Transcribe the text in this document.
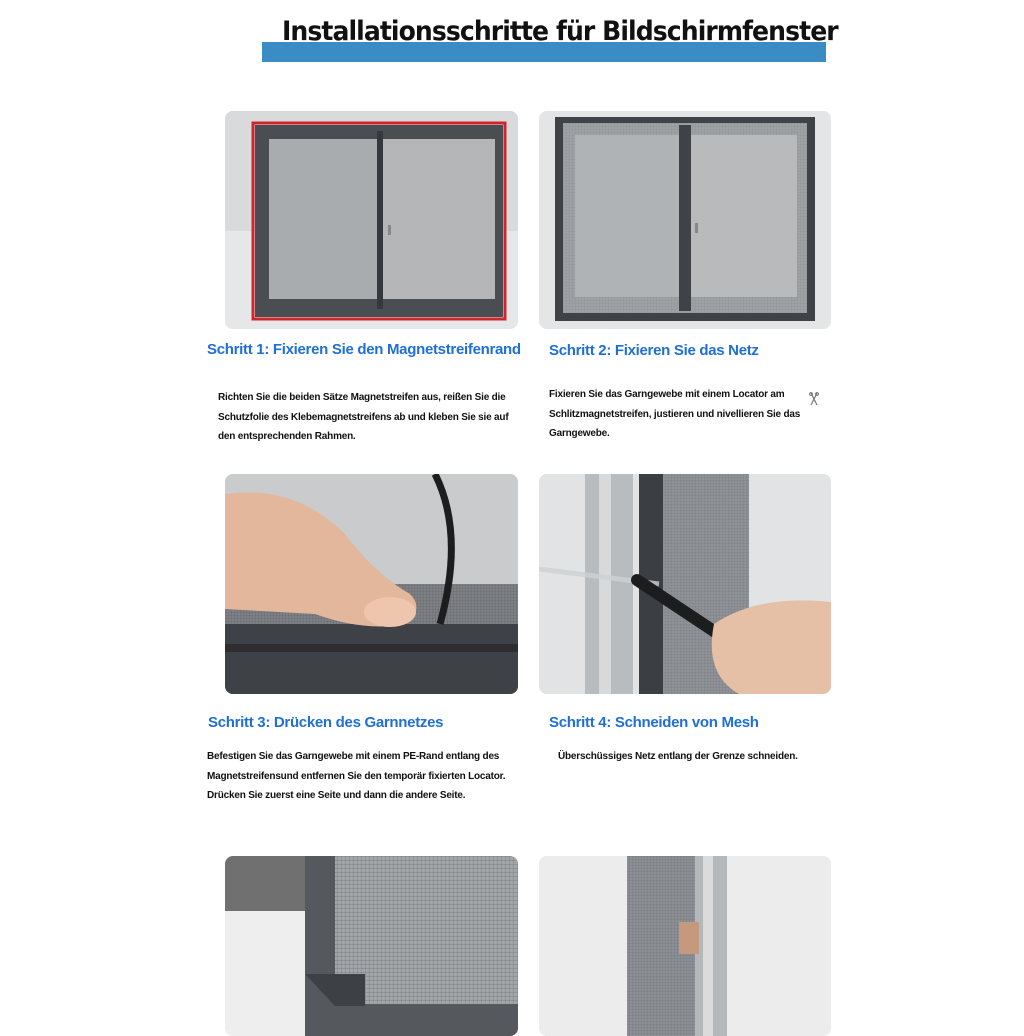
Installationsschritte für Bildschirmfenster
Schritt 1: Fixieren Sie den Magnetstreifenrand
Richten Sie die beiden Sätze Magnetstreifen aus, reißen Sie die Schutzfolie des Klebemagnetstreifens ab und kleben Sie sie auf den entsprechenden Rahmen.
Schritt 2: Fixieren Sie das Netz
Fixieren Sie das Garngewebe mit einem Locator am Schlitzmagnetstreifen, justieren und nivellieren Sie das Garngewebe.
Schritt 3: Drücken des Garnnetzes
Befestigen Sie das Garngewebe mit einem PE-Rand entlang des Magnetstreifensund entfernen Sie den temporär fixierten Locator. Drücken Sie zuerst eine Seite und dann die andere Seite.
Schritt 4: Schneiden von Mesh
Überschüssiges Netz entlang der Grenze schneiden.
